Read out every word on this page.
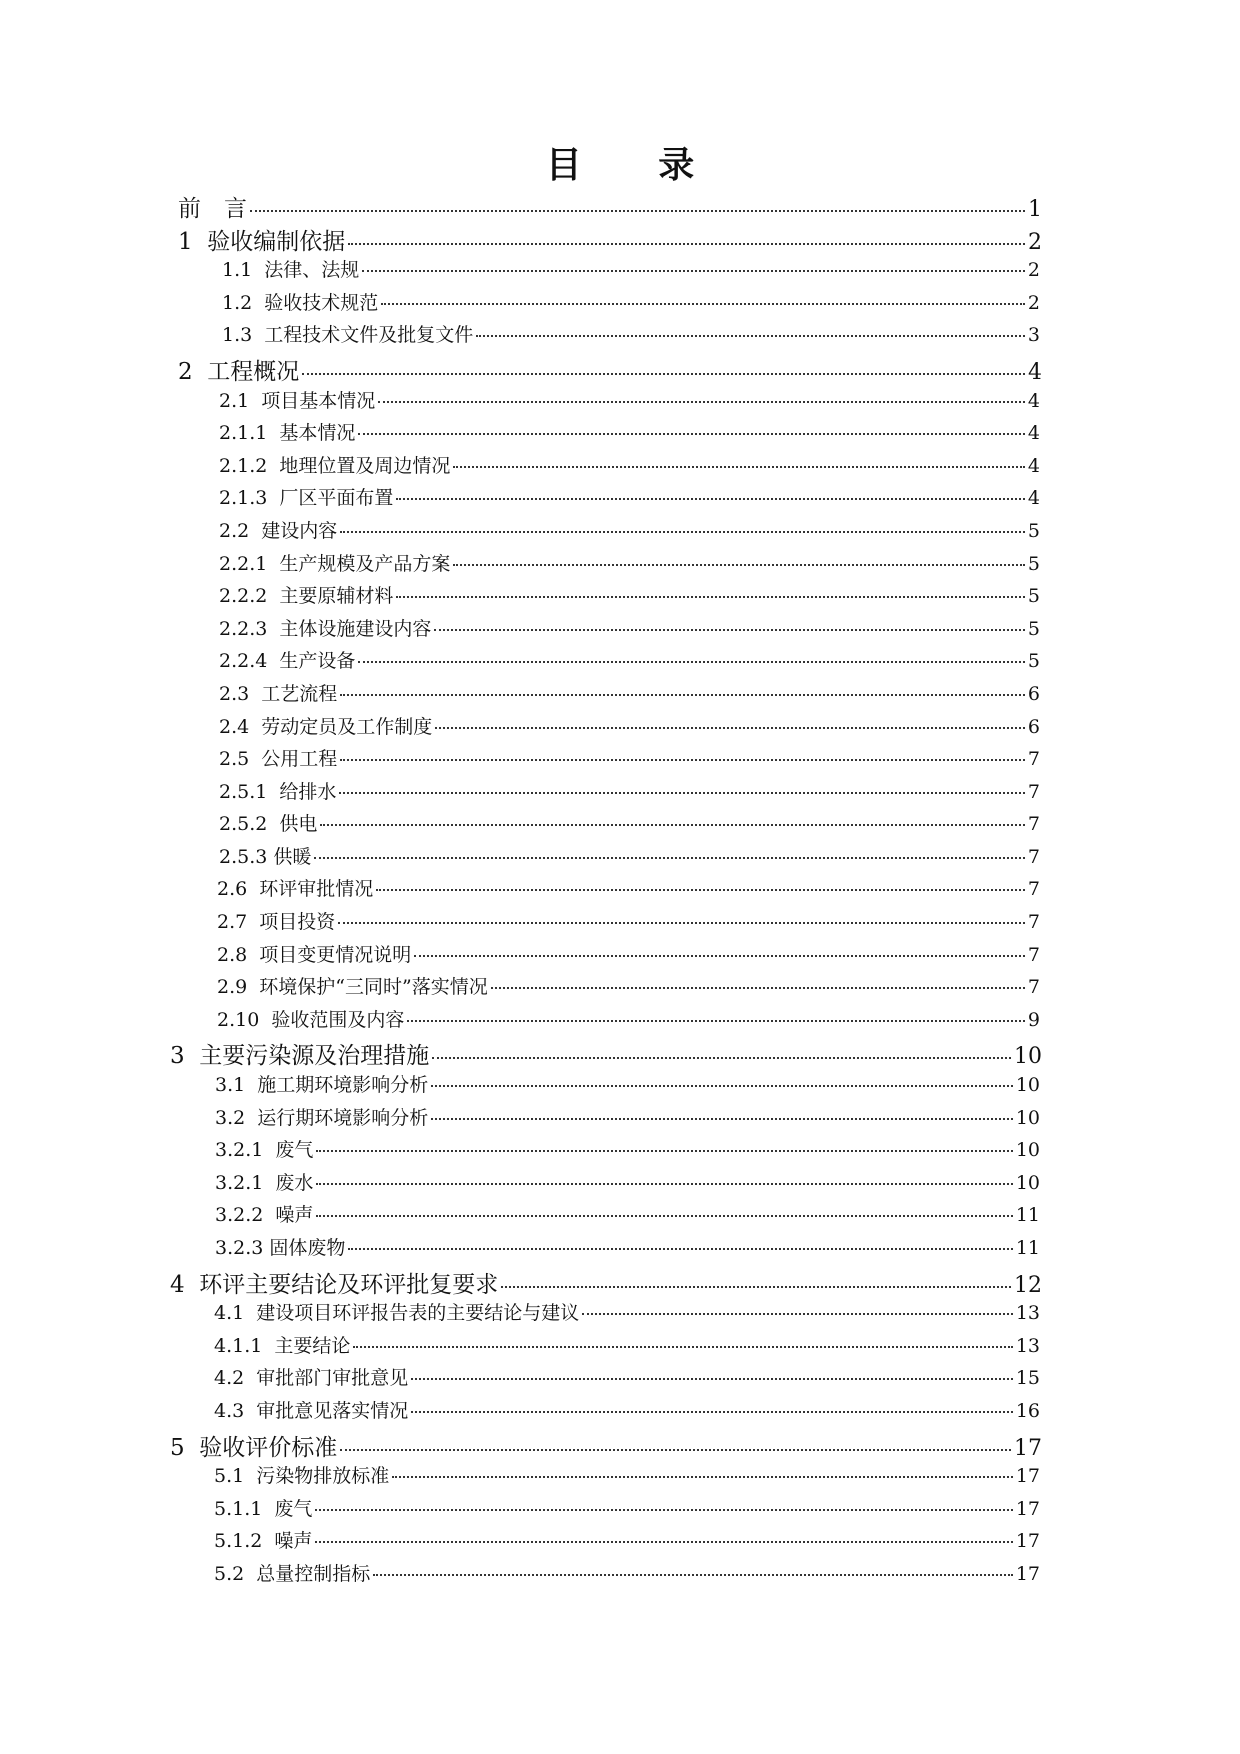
目 录
前　言	1
1  验收编制依据	2
1.1  法律、法规	2
1.2  验收技术规范	2
1.3  工程技术文件及批复文件	3
2  工程概况	4
2.1  项目基本情况	4
2.1.1  基本情况	4
2.1.2  地理位置及周边情况	4
2.1.3  厂区平面布置	4
2.2  建设内容	5
2.2.1  生产规模及产品方案	5
2.2.2  主要原辅材料	5
2.2.3  主体设施建设内容	5
2.2.4  生产设备	5
2.3  工艺流程	6
2.4  劳动定员及工作制度	6
2.5  公用工程	7
2.5.1  给排水	7
2.5.2  供电	7
2.5.3 供暖	7
2.6  环评审批情况	7
2.7  项目投资	7
2.8  项目变更情况说明	7
2.9  环境保护“三同时”落实情况	7
2.10  验收范围及内容	9
3  主要污染源及治理措施	10
3.1  施工期环境影响分析	10
3.2  运行期环境影响分析	10
3.2.1  废气	10
3.2.1  废水	10
3.2.2  噪声	11
3.2.3 固体废物	11
4  环评主要结论及环评批复要求	12
4.1  建设项目环评报告表的主要结论与建议	13
4.1.1  主要结论	13
4.2  审批部门审批意见	15
4.3  审批意见落实情况	16
5  验收评价标准	17
5.1  污染物排放标准	17
5.1.1  废气	17
5.1.2  噪声	17
5.2  总量控制指标	17
